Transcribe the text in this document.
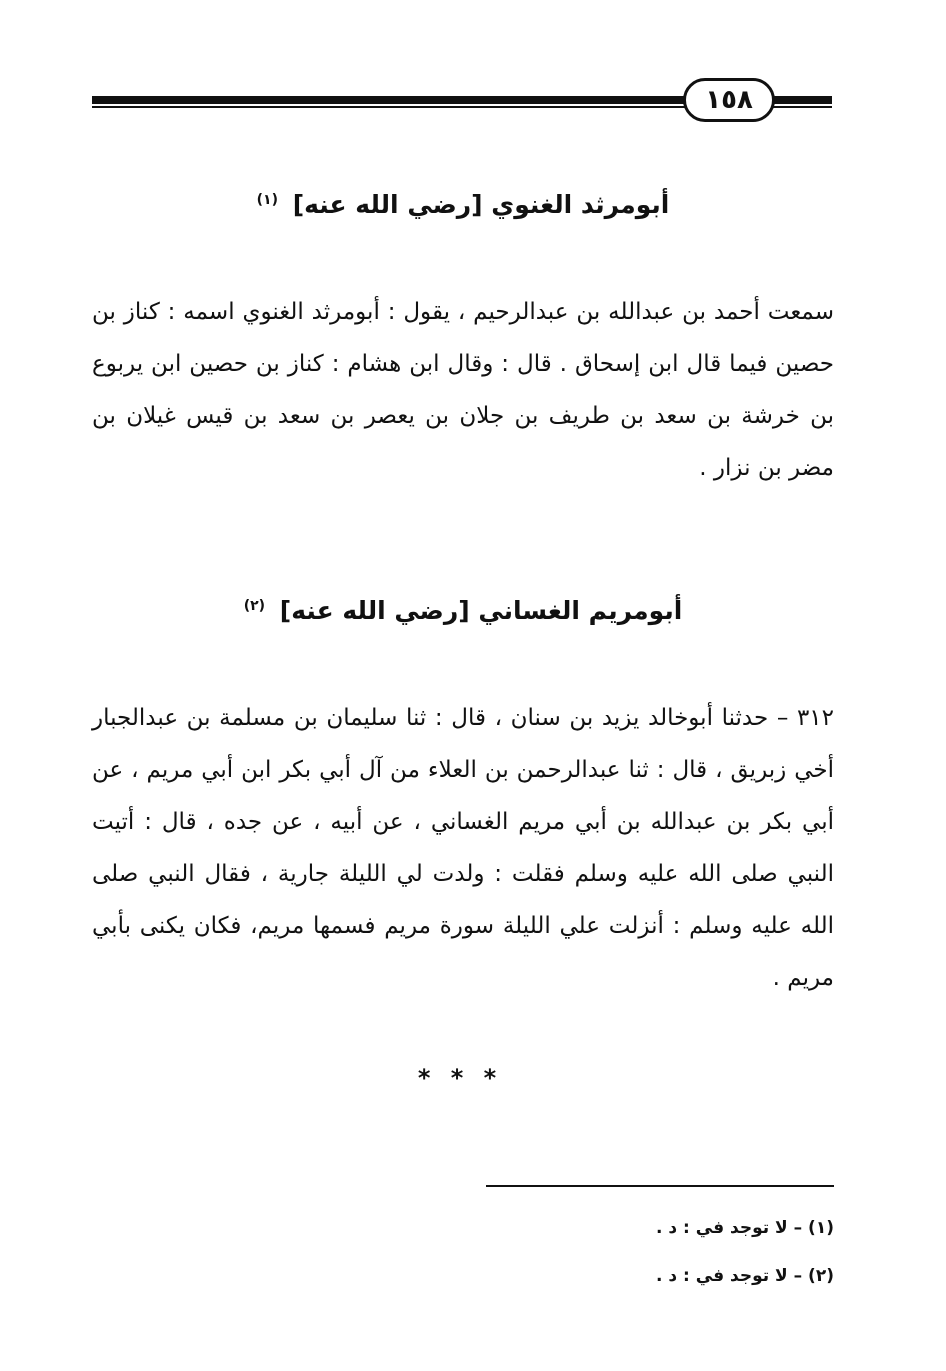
١٥٨
أبومرثد الغنوي [رضي الله عنه] $^{(١)}$
سمعت أحمد بن عبدالله بن عبدالرحيم ، يقول : أبومرثد الغنوي اسمه : كناز بن حصين فيما قال ابن إسحاق . قال : وقال ابن هشام : كناز بن حصين ابن يربوع بن خرشة بن سعد بن طريف بن جلان بن يعصر بن سعد بن قيس غيلان بن مضر بن نزار .
أبومريم الغساني [رضي الله عنه] $^{(٢)}$
٣١٢ – حدثنا أبوخالد يزيد بن سنان ، قال : ثنا سليمان بن مسلمة بن عبدالجبار أخي زبريق ، قال : ثنا عبدالرحمن بن العلاء من آل أبي بكر ابن أبي مريم ، عن أبي بكر بن عبدالله بن أبي مريم الغساني ، عن أبيه ، عن جده ، قال : أتيت النبي صلى الله عليه وسلم فقلت : ولدت لي الليلة جارية ، فقال النبي صلى الله عليه وسلم : أنزلت علي الليلة سورة مريم فسمها مريم، فكان يكنى بأبي مريم .
* * *
(١) – لا توجد في : د .
(٢) – لا توجد في : د .
